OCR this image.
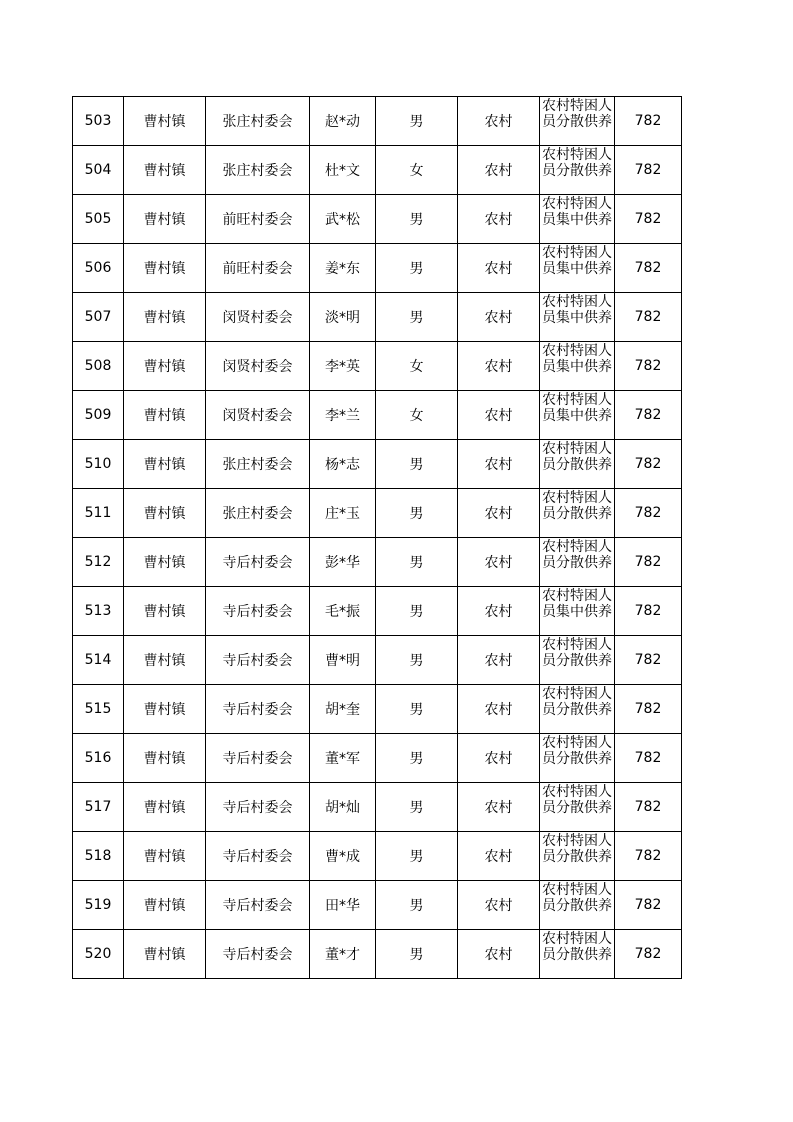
503	曹村镇	张庄村委会	赵*动	男	农村	农村特困人员分散供养	782
504	曹村镇	张庄村委会	杜*文	女	农村	农村特困人员分散供养	782
505	曹村镇	前旺村委会	武*松	男	农村	农村特困人员集中供养	782
506	曹村镇	前旺村委会	姜*东	男	农村	农村特困人员集中供养	782
507	曹村镇	闵贤村委会	淡*明	男	农村	农村特困人员集中供养	782
508	曹村镇	闵贤村委会	李*英	女	农村	农村特困人员集中供养	782
509	曹村镇	闵贤村委会	李*兰	女	农村	农村特困人员集中供养	782
510	曹村镇	张庄村委会	杨*志	男	农村	农村特困人员分散供养	782
511	曹村镇	张庄村委会	庄*玉	男	农村	农村特困人员分散供养	782
512	曹村镇	寺后村委会	彭*华	男	农村	农村特困人员分散供养	782
513	曹村镇	寺后村委会	毛*振	男	农村	农村特困人员集中供养	782
514	曹村镇	寺后村委会	曹*明	男	农村	农村特困人员分散供养	782
515	曹村镇	寺后村委会	胡*奎	男	农村	农村特困人员分散供养	782
516	曹村镇	寺后村委会	董*军	男	农村	农村特困人员分散供养	782
517	曹村镇	寺后村委会	胡*灿	男	农村	农村特困人员分散供养	782
518	曹村镇	寺后村委会	曹*成	男	农村	农村特困人员分散供养	782
519	曹村镇	寺后村委会	田*华	男	农村	农村特困人员分散供养	782
520	曹村镇	寺后村委会	董*才	男	农村	农村特困人员分散供养	782
